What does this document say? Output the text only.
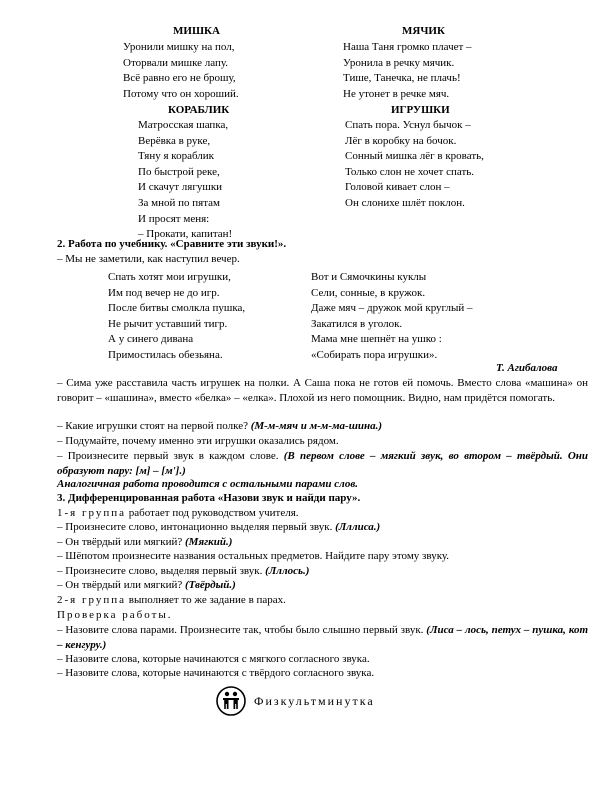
МИШКА
Уронили мишку на пол,
Оторвали мишке лапу.
Всё равно его не брошу,
Потому что он хороший.
МЯЧИК
Наша Таня громко плачет –
Уронила в речку мячик.
Тише, Танечка, не плачь!
Не утонет в речке мяч.
КОРАБЛИК
Матросская шапка,
Верёвка в руке,
Тяну я кораблик
По быстрой реке,
И скачут лягушки
За мной по пятам
И просят меня:
– Прокати, капитан!
ИГРУШКИ
Спать пора. Уснул бычок –
Лёг в коробку на бочок.
Сонный мишка лёг в кровать,
Только слон не хочет спать.
Головой кивает слон –
Он слонихе шлёт поклон.
2. Работа по учебнику. «Сравните эти звуки!».
– Мы не заметили, как наступил вечер.
Спать хотят мои игрушки,
Им под вечер не до игр.
После битвы смолкла пушка,
Не рычит уставший тигр.
А у синего дивана
Примостилась обезьяна.
Вот и Сямочкины куклы
Сели, сонные, в кружок.
Даже мяч – дружок мой круглый –
Закатился в уголок.
Мама мне шепнёт на ушко :
«Собирать пора игрушки».
Т. Агибалова
– Сима уже расставила часть игрушек на полки. А Саша пока не готов ей помочь. Вместо слова «машина» он говорит – «шашина», вместо «белка» – «елка». Плохой из него помощник. Видно, нам придётся помогать.
– Какие игрушки стоят на первой полке? (М-м-мяч и м-м-ма-шина.)
– Подумайте, почему именно эти игрушки оказались рядом.
– Произнесите первый звук в каждом слове. (В первом слове – мягкий звук, во втором – твёрдый. Они образуют пару: [м] – [м'].)
Аналогичная работа проводится с остальными парами слов.
3. Дифференцированная работа «Назови звук и найди пару».
1-я группа работает под руководством учителя.
– Произнесите слово, интонационно выделяя первый звук. (Лллиса.)
– Он твёрдый или мягкий? (Мягкий.)
– Шёпотом произнесите названия остальных предметов. Найдите пару этому звуку.
– Произнесите слово, выделяя первый звук. (Лллось.)
– Он твёрдый или мягкий? (Твёрдый.)
2-я группа выполняет то же задание в парах.
Проверка работы.
– Назовите слова парами. Произнесите так, чтобы было слышно первый звук. (Лиса – лось, петух – пушка, кот – кенгуру.)
– Назовите слова, которые начинаются с мягкого согласного звука.
– Назовите слова, которые начинаются с твёрдого согласного звука.
Физкультминутка
